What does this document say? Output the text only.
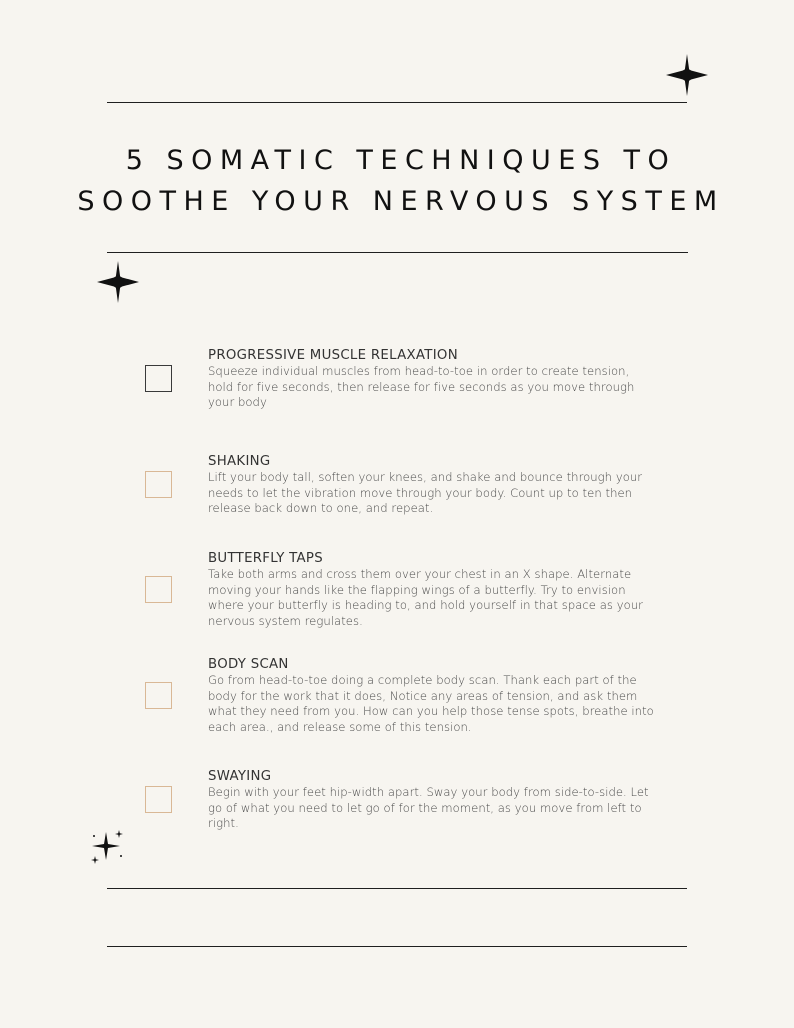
5 SOMATIC TECHNIQUES TO
SOOTHE YOUR NERVOUS SYSTEM

PROGRESSIVE MUSCLE RELAXATION

Squeeze individual muscles from head-to-toe in order to create tension, hold for five seconds, then release for five seconds as you move through your body

SHAKING

Lift your body tall, soften your knees, and shake and bounce through your needs to let the vibration move through your body. Count up to ten then release back down to one, and repeat.

BUTTERFLY TAPS

Take both arms and cross them over your chest in an X shape. Alternate moving your hands like the flapping wings of a butterfly. Try to envision where your butterfly is heading to, and hold yourself in that space as your nervous system regulates.

BODY SCAN

Go from head-to-toe doing a complete body scan. Thank each part of the body for the work that it does, Notice any areas of tension, and ask them what they need from you. How can you help those tense spots, breathe into each area., and release some of this tension.

SWAYING

Begin with your feet hip-width apart. Sway your body from side-to-side. Let go of what you need to let go of for the moment, as you move from left to right.
